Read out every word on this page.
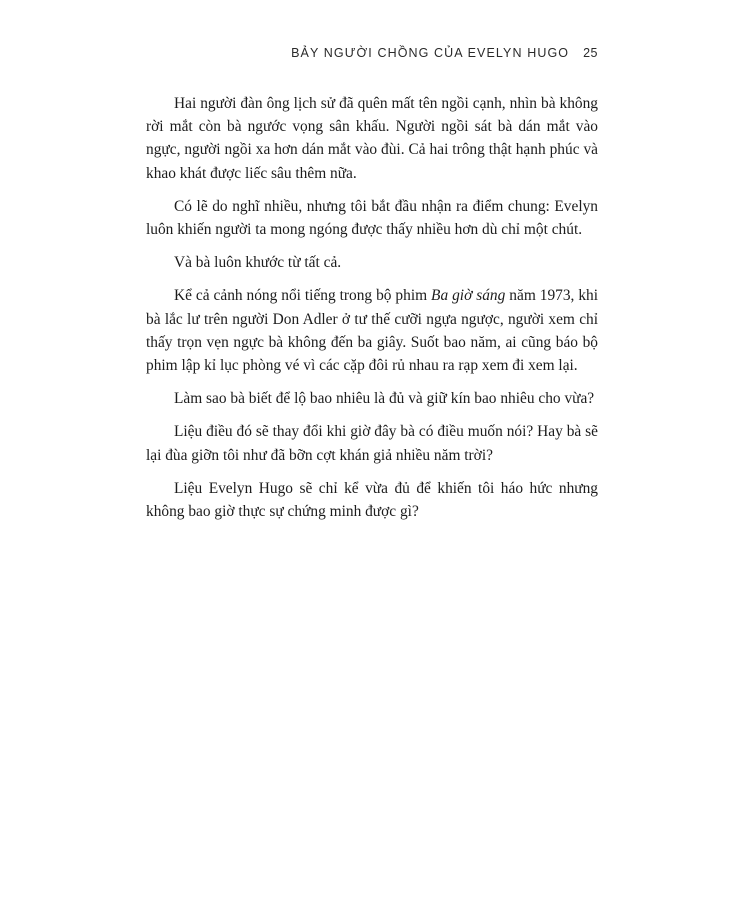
BẢY NGƯỜI CHỒNG CỦA EVELYN HUGO 25

Hai người đàn ông lịch sử đã quên mất tên ngồi cạnh, nhìn bà không rời mắt còn bà ngước vọng sân khấu. Người ngồi sát bà dán mắt vào ngực, người ngồi xa hơn dán mắt vào đùi. Cả hai trông thật hạnh phúc và khao khát được liếc sâu thêm nữa.

Có lẽ do nghĩ nhiều, nhưng tôi bắt đầu nhận ra điểm chung: Evelyn luôn khiến người ta mong ngóng được thấy nhiều hơn dù chỉ một chút.

Và bà luôn khước từ tất cả.

Kể cả cảnh nóng nổi tiếng trong bộ phim Ba giờ sáng năm 1973, khi bà lắc lư trên người Don Adler ở tư thế cưỡi ngựa ngược, người xem chỉ thấy trọn vẹn ngực bà không đến ba giây. Suốt bao năm, ai cũng báo bộ phim lập kỉ lục phòng vé vì các cặp đôi rủ nhau ra rạp xem đi xem lại.

Làm sao bà biết để lộ bao nhiêu là đủ và giữ kín bao nhiêu cho vừa?

Liệu điều đó sẽ thay đổi khi giờ đây bà có điều muốn nói? Hay bà sẽ lại đùa giỡn tôi như đã bỡn cợt khán giả nhiều năm trời?

Liệu Evelyn Hugo sẽ chỉ kể vừa đủ để khiến tôi háo hức nhưng không bao giờ thực sự chứng minh được gì?
